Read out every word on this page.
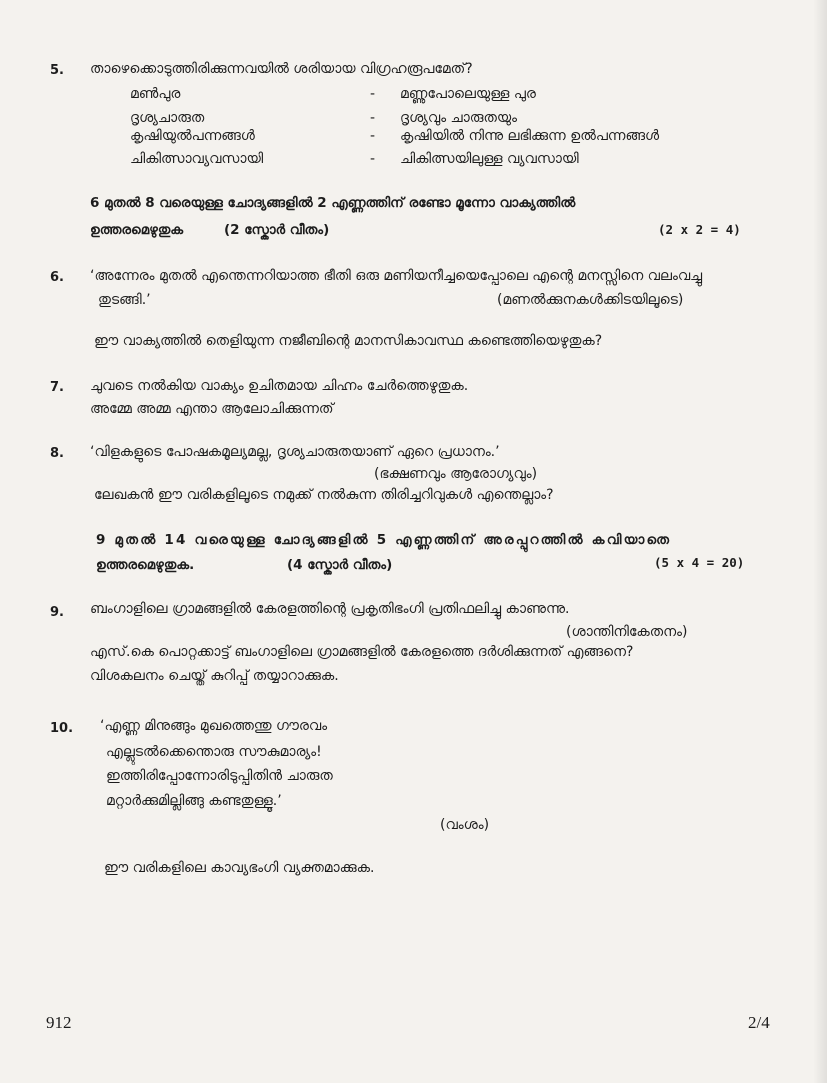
5. താഴെക്കൊടുത്തിരിക്കുന്നവയിൽ ശരിയായ വിഗ്രഹരൂപമേത്?
മൺപുര	- മണ്ണുപോലെയുള്ള പുര
ദൃശ്യചാരുത	- ദൃശ്യവും ചാരുതയും
കൃഷിയുൽപന്നങ്ങൾ	- കൃഷിയിൽ നിന്നു ലഭിക്കുന്ന ഉൽപന്നങ്ങൾ
ചികിത്സാവ്യവസായി	- ചികിത്സയിലുള്ള വ്യവസായി
6 മുതൽ 8 വരെയുള്ള ചോദ്യങ്ങളിൽ 2 എണ്ണത്തിന് രണ്ടോ മൂന്നോ വാക്യത്തിൽ
ഉത്തരമെഴുതുക	(2 സ്കോർ വീതം)	(2 x 2 = 4)
6. ‘അന്നേരം മുതൽ എന്തെന്നറിയാത്ത ഭീതി ഒരു മണിയനീച്ചയെപ്പോലെ എന്റെ മനസ്സിനെ വലംവച്ചു
തുടങ്ങി.’	(മണൽക്കുനകൾക്കിടയിലൂടെ)
ഈ വാക്യത്തിൽ തെളിയുന്ന നജീബിന്റെ മാനസികാവസ്ഥ കണ്ടെത്തിയെഴുതുക?
7. ചുവടെ നൽകിയ വാക്യം ഉചിതമായ ചിഹ്നം ചേർത്തെഴുതുക.
അമ്മേ അമ്മ എന്താ ആലോചിക്കുന്നത്
8. ‘വിളകളുടെ പോഷകമൂല്യമല്ല, ദൃശ്യചാരുതയാണ് ഏറെ പ്രധാനം.’
(ഭക്ഷണവും ആരോഗ്യവും)
ലേഖകൻ ഈ വരികളിലൂടെ നമുക്ക് നൽകുന്ന തിരിച്ചറിവുകൾ എന്തെല്ലാം?
9 മുതൽ 14 വരെയുള്ള ചോദ്യങ്ങളിൽ 5 എണ്ണത്തിന് അരപ്പുറത്തിൽ കവിയാതെ
ഉത്തരമെഴുതുക.	(4 സ്കോർ വീതം)	(5 x 4 = 20)
9. ബംഗാളിലെ ഗ്രാമങ്ങളിൽ കേരളത്തിന്റെ പ്രകൃതിഭംഗി പ്രതിഫലിച്ചു കാണുന്നു.
(ശാന്തിനികേതനം)
എസ്.കെ പൊറ്റക്കാട്ട് ബംഗാളിലെ ഗ്രാമങ്ങളിൽ കേരളത്തെ ദർശിക്കുന്നത് എങ്ങനെ?
വിശകലനം ചെയ്ത് കുറിപ്പ് തയ്യാറാക്കുക.
10. ‘എണ്ണ മിനുങ്ങും മുഖത്തെന്തു ഗൗരവം
എല്ലുടൽക്കെന്തൊരു സൗകുമാര്യം!
ഇത്തിരിപ്പോന്നോരിടുപ്പിതിൻ ചാരുത
മറ്റാർക്കുമില്ലിങ്ങു കണ്ടതുള്ളൂ.’
(വംശം)
ഈ വരികളിലെ കാവ്യഭംഗി വ്യക്തമാക്കുക.
912	2/4
